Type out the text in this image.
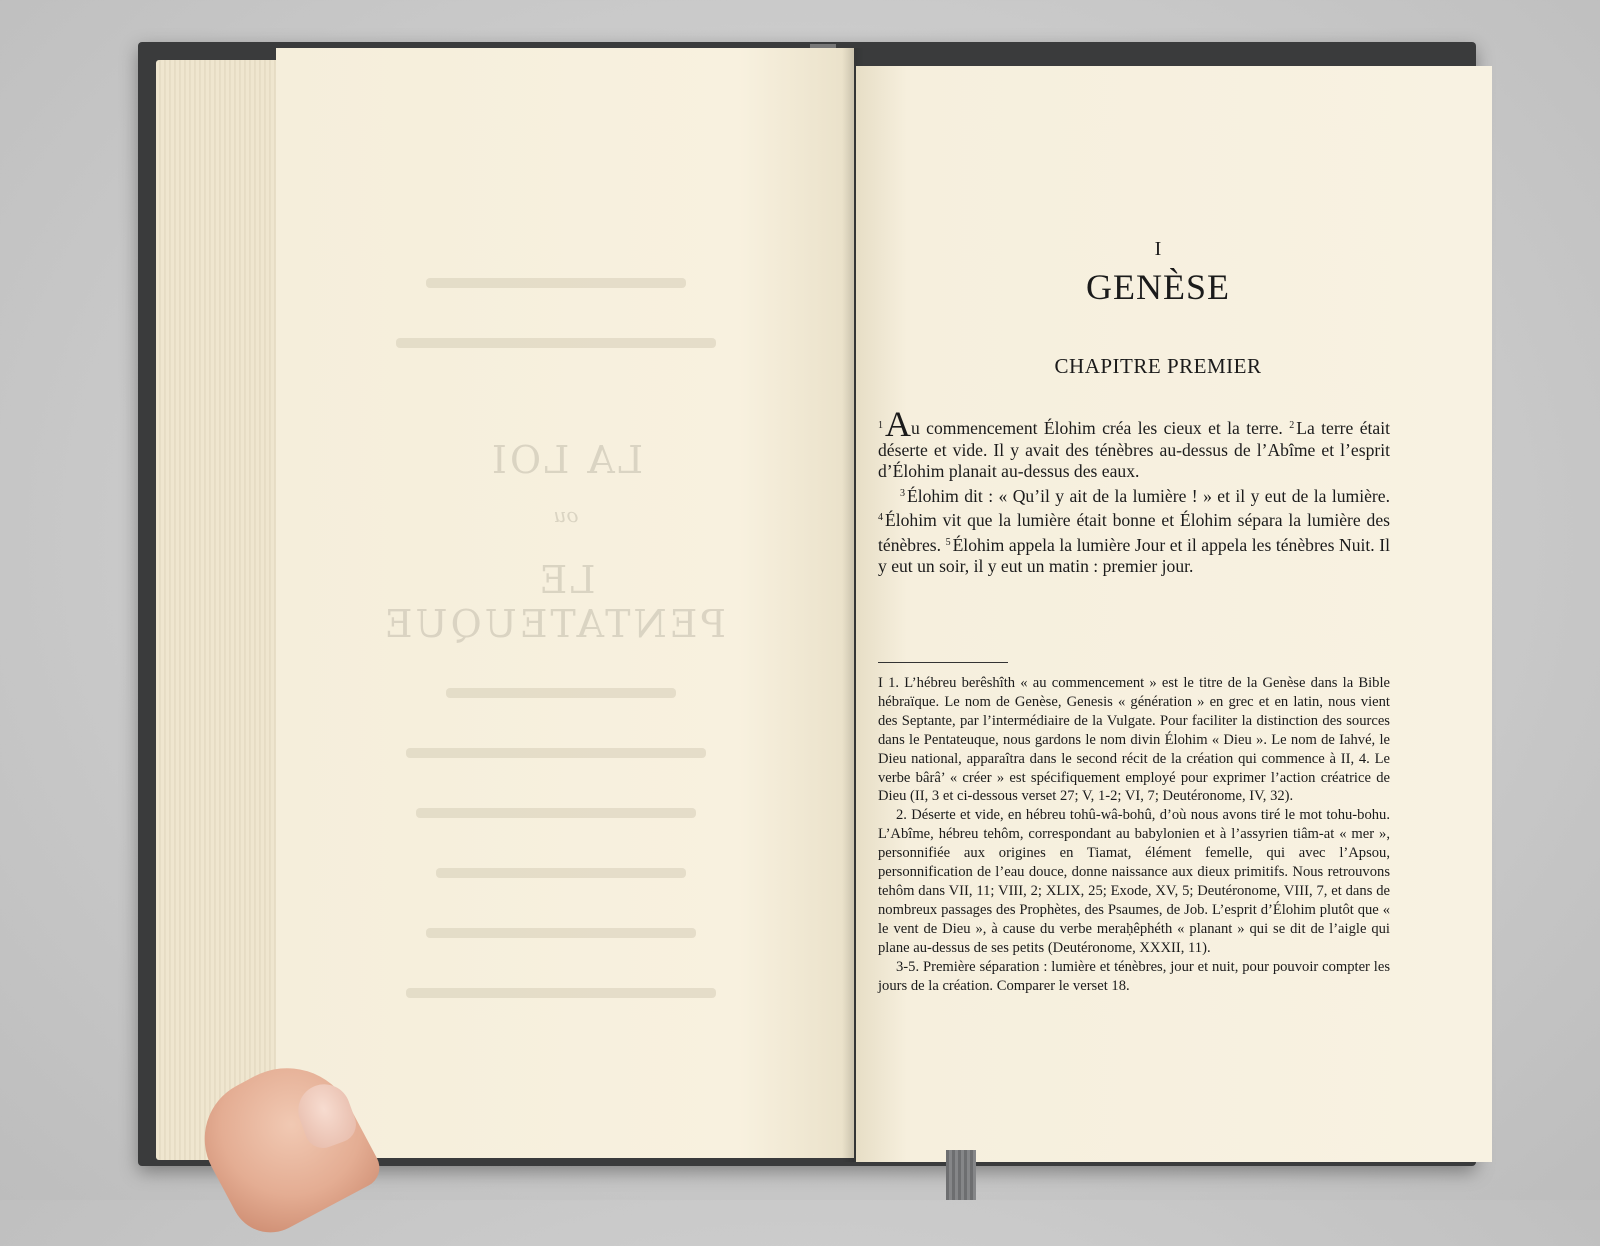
LA LOI
ou
LE PENTATEUQUE
I
GENÈSE
CHAPITRE PREMIER

$^1$Au commencement Élohim créa les cieux et la terre. $^2$ La terre était déserte et vide. Il y avait des ténèbres au-dessus de l’Abîme et l’esprit d’Élohim planait au-dessus des eaux.

$^3$ Élohim dit : « Qu’il y ait de la lumière ! » et il y eut de la lumière. $^4$ Élohim vit que la lumière était bonne et Élohim sépara la lumière des ténèbres. $^5$ Élohim appela la lumière Jour et il appela les ténèbres Nuit. Il y eut un soir, il y eut un matin : premier jour.

I 1. L’hébreu berêshîth « au commencement » est le titre de la Genèse dans la Bible hébraïque. Le nom de Genèse, Genesis « génération » en grec et en latin, nous vient des Septante, par l’intermédiaire de la Vulgate. Pour faciliter la distinction des sources dans le Pentateuque, nous gardons le nom divin Élohim « Dieu ». Le nom de Iahvé, le Dieu national, apparaîtra dans le second récit de la création qui commence à II, 4. Le verbe bârâ’ « créer » est spécifiquement employé pour exprimer l’action créatrice de Dieu (II, 3 et ci-dessous verset 27; V, 1-2; VI, 7; Deutéronome, IV, 32).

2. Déserte et vide, en hébreu tohû-wâ-bohû, d’où nous avons tiré le mot tohu-bohu. L’Abîme, hébreu tehôm, correspondant au babylonien et à l’assyrien tiâm-at « mer », personnifiée aux origines en Tiamat, élément femelle, qui avec l’Apsou, personnification de l’eau douce, donne naissance aux dieux primitifs. Nous retrouvons tehôm dans VII, 11; VIII, 2; XLIX, 25; Exode, XV, 5; Deutéronome, VIII, 7, et dans de nombreux passages des Prophètes, des Psaumes, de Job. L’esprit d’Élohim plutôt que « le vent de Dieu », à cause du verbe meraḥêphéth « planant » qui se dit de l’aigle qui plane au-dessus de ses petits (Deutéronome, XXXII, 11).

3-5. Première séparation : lumière et ténèbres, jour et nuit, pour pouvoir compter les jours de la création. Comparer le verset 18.
